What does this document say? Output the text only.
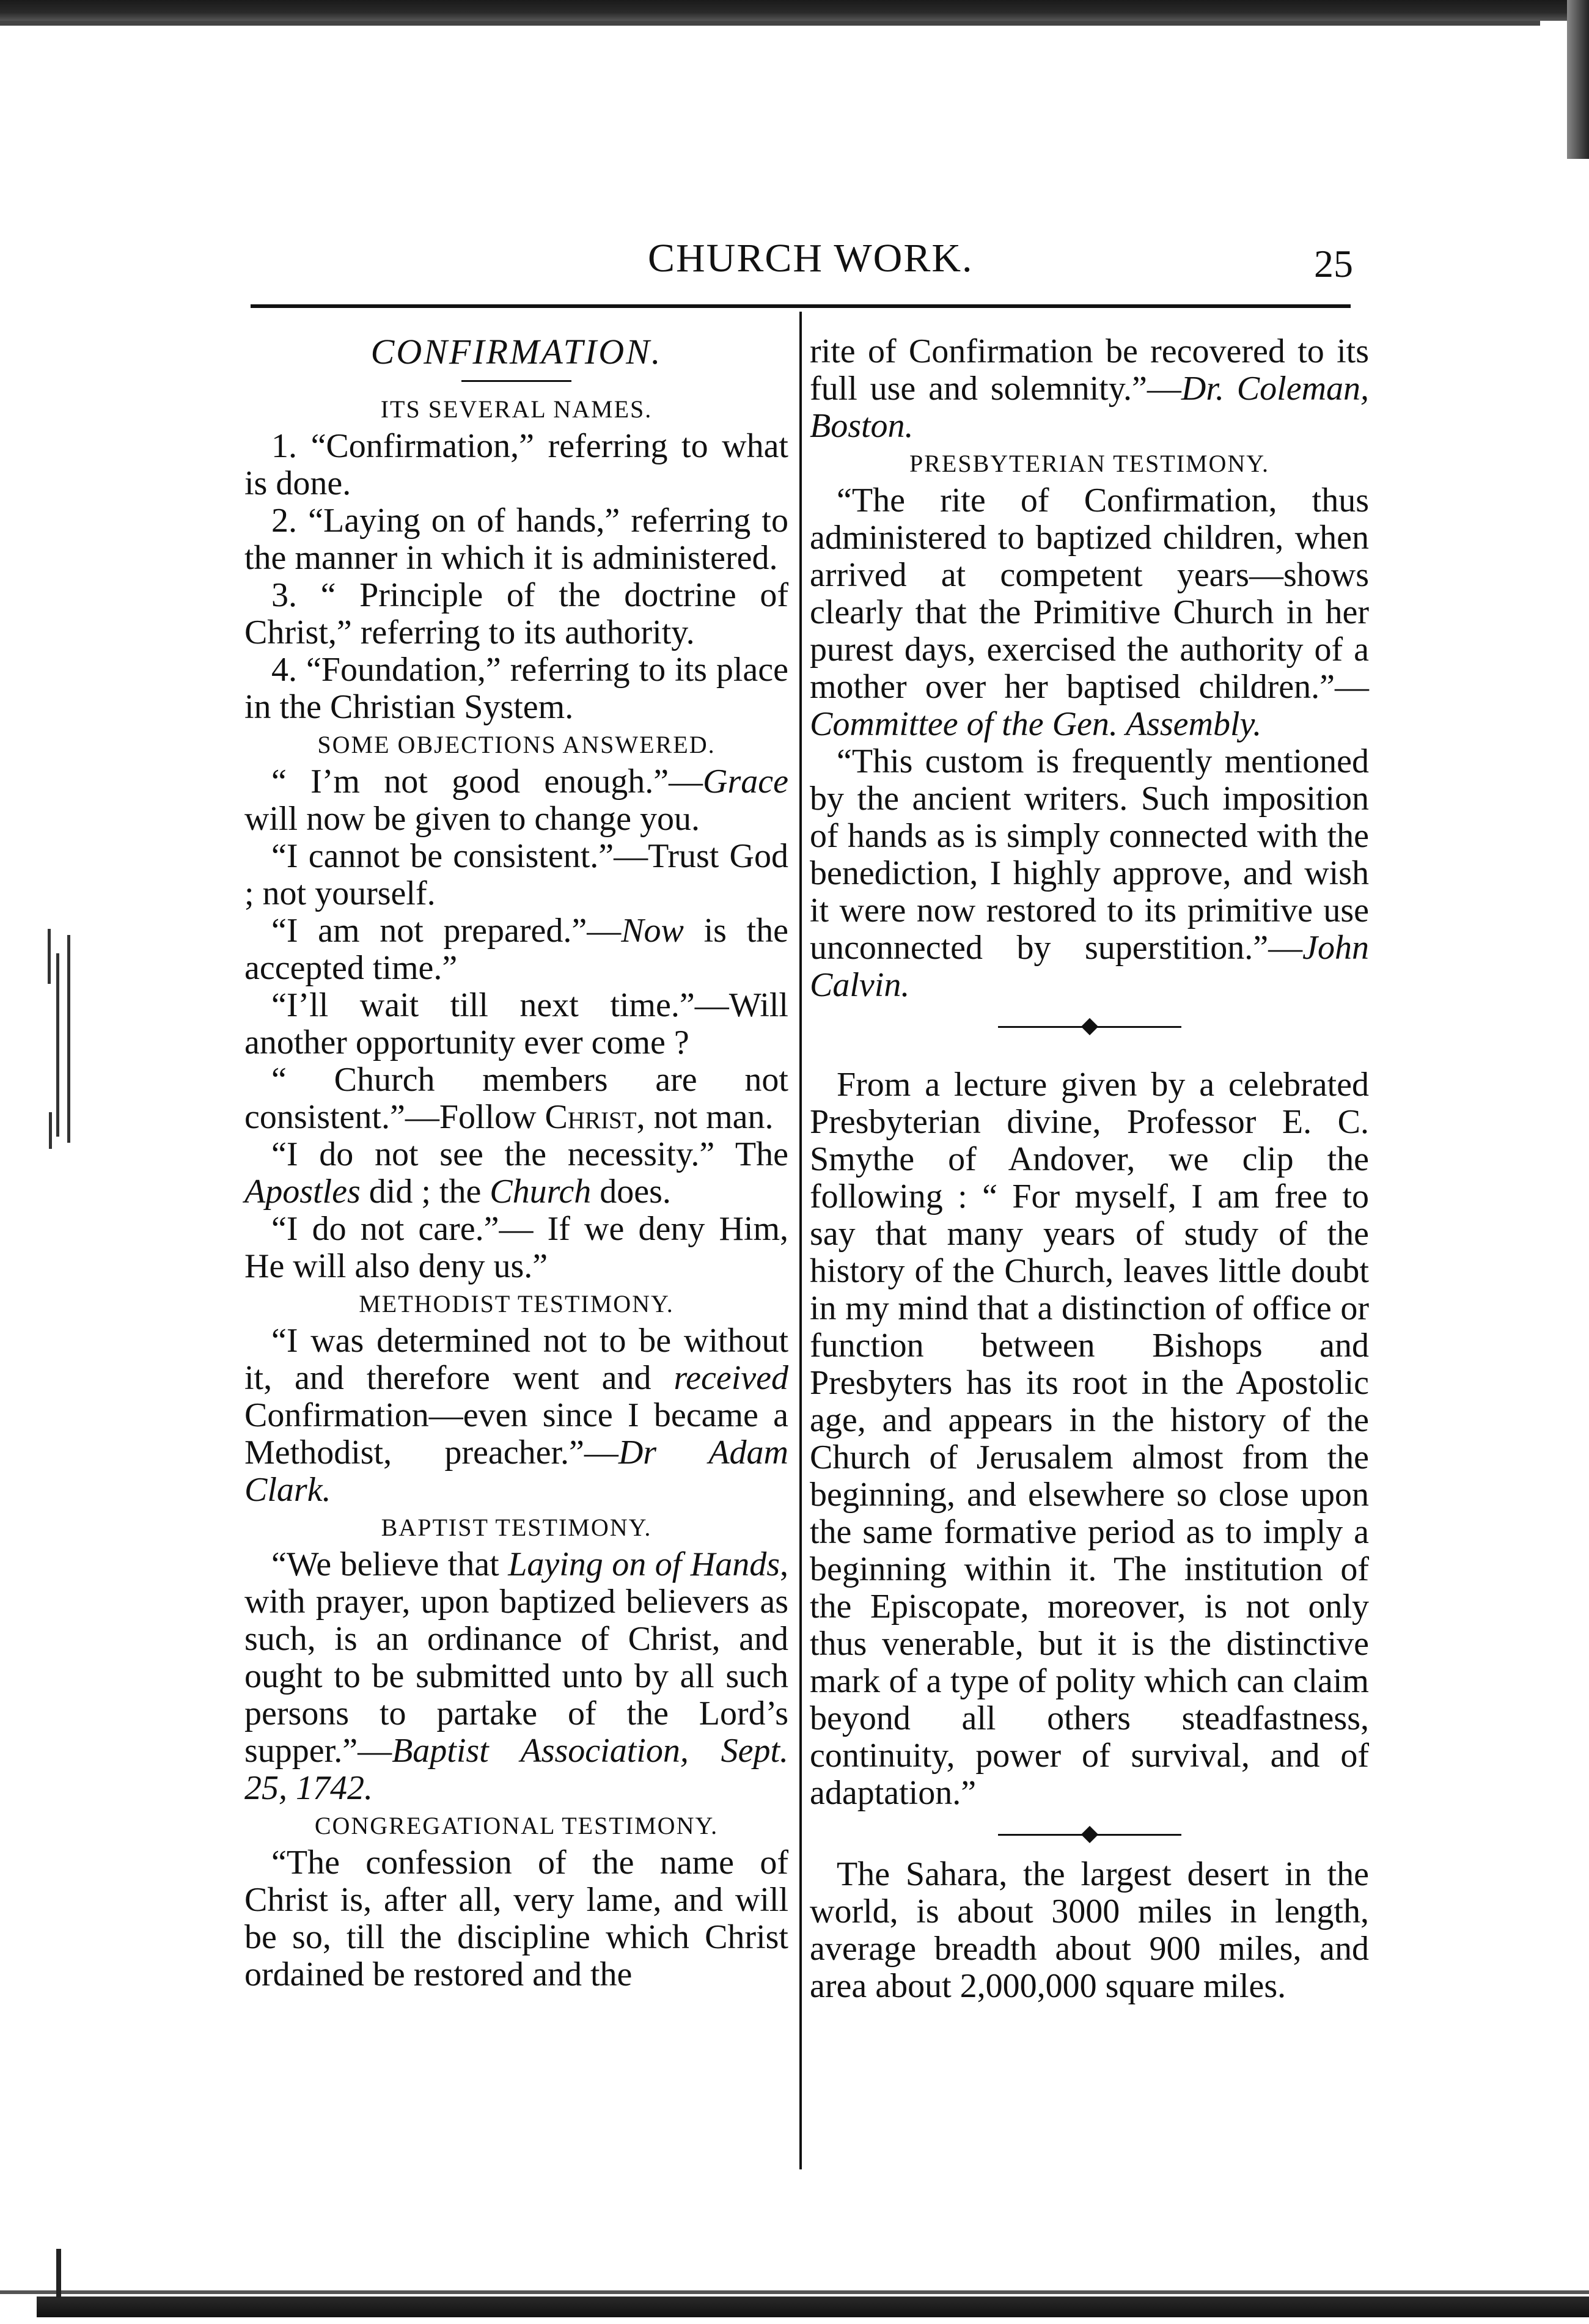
CHURCH WORK.	25

CONFIRMATION.

ITS SEVERAL NAMES.

1. “Confirmation,” referring to what is done.

2. “Laying on of hands,” referring to the manner in which it is administered.

3. “ Principle of the doctrine of Christ,” referring to its authority.

4. “Foundation,” referring to its place in the Christian System.

SOME OBJECTIONS ANSWERED.

“ I’m not good enough.”—Grace will now be given to change you.

“I cannot be consistent.”—Trust God ; not yourself.

“I am not prepared.”—Now is the accepted time.”

“I’ll wait till next time.”—Will another opportunity ever come ?

“ Church members are not consistent.”—Follow Christ, not man.

“I do not see the necessity.” The Apostles did ; the Church does.

“I do not care.”— If we deny Him, He will also deny us.”

METHODIST TESTIMONY.

“I was determined not to be without it, and therefore went and received Confirmation—even since I became a Methodist, preacher.”—Dr Adam Clark.

BAPTIST TESTIMONY.

“We believe that Laying on of Hands, with prayer, upon baptized believers as such, is an ordinance of Christ, and ought to be submitted unto by all such persons to partake of the Lord’s supper.”—Baptist Association, Sept. 25, 1742.

CONGREGATIONAL TESTIMONY.

“The confession of the name of Christ is, after all, very lame, and will be so, till the discipline which Christ ordained be restored and the

rite of Confirmation be recovered to its full use and solemnity.”—Dr. Coleman, Boston.

PRESBYTERIAN TESTIMONY.

“The rite of Confirmation, thus administered to baptized children, when arrived at competent years—shows clearly that the Primitive Church in her purest days, exercised the authority of a mother over her baptised children.”—Committee of the Gen. Assembly.

“This custom is frequently mentioned by the ancient writers. Such imposition of hands as is simply connected with the benediction, I highly approve, and wish it were now restored to its primitive use unconnected by superstition.”—John Calvin.

From a lecture given by a celebrated Presbyterian divine, Professor E. C. Smythe of Andover, we clip the following : “ For myself, I am free to say that many years of study of the history of the Church, leaves little doubt in my mind that a distinction of office or function between Bishops and Presbyters has its root in the Apostolic age, and appears in the history of the Church of Jerusalem almost from the beginning, and elsewhere so close upon the same formative period as to imply a beginning within it. The institution of the Episcopate, moreover, is not only thus venerable, but it is the distinctive mark of a type of polity which can claim beyond all others steadfastness, continuity, power of survival, and of adaptation.”

The Sahara, the largest desert in the world, is about 3000 miles in length, average breadth about 900 miles, and area about 2,000,000 square miles.
